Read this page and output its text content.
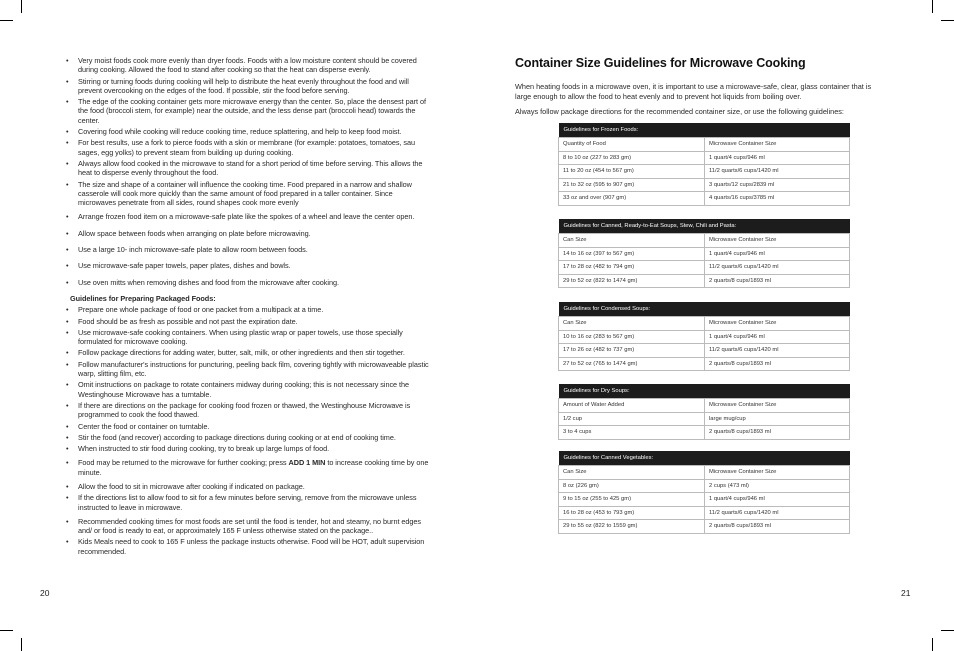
• Very moist foods cook more evenly than dryer foods. Foods with a low moisture content should be covered during cooking. Allowed the food to stand after cooking so that the heat can disperse evenly.
• Stirring or turning foods during cooking will help to distribute the heat evenly throughout the food and will prevent overcooking on the edges of the food. If possible, stir the food before serving.
• The edge of the cooking container gets more microwave energy than the center. So, place the densest part of the food (broccoli stem, for example) near the outside, and the less dense part (broccoli head) towards the center.
• Covering food while cooking will reduce cooking time, reduce splattering, and help to keep food moist.
• For best results, use a fork to pierce foods with a skin or membrane (for example: potatoes, tomatoes, sau sages, egg yolks) to prevent steam from building up during cooking.
• Always allow food cooked in the microwave to stand for a short period of time before serving. This allows the heat to disperse evenly throughout the food.
• The size and shape of a container will influence the cooking time. Food prepared in a narrow and shallow casserole will cook more quickly than the same amount of food prepared in a taller container. Since microwaves penetrate from all sides, round shapes cook more evenly
• Arrange frozen food item on a microwave-safe plate like the spokes of a wheel and leave the center open.
• Allow space between foods when arranging on plate before microwaving.
• Use a large 10- inch microwave-safe plate to allow room between foods.
• Use microwave-safe paper towels, paper plates, dishes and bowls.
• Use oven mitts when removing dishes and food from the microwave after cooking.
Guidelines for Preparing Packaged Foods:
• Prepare one whole package of food or one packet from a multipack at a time.
• Food should be as fresh as possible and not past the expiration date.
• Use microwave-safe cooking containers. When using plastic wrap or paper towels, use those specially formulated for microwave cooking.
• Follow package directions for adding water, butter, salt, milk, or other ingredients and then stir together.
• Follow manufacturer's instructions for puncturing, peeling back film, covering tightly with microwaveable plastic warp, slitting film, etc.
• Omit instructions on package to rotate containers midway during cooking; this is not necessary since the Westinghouse Microwave has a turntable.
• If there are directions on the package for cooking food frozen or thawed, the Westinghouse Microwave is programmed to cook the food thawed.
• Center the food or container on turntable.
• Stir the food (and recover) according to package directions during cooking or at end of cooking time.
• When instructed to stir food during cooking, try to break up large lumps of food.
• Food may be returned to the microwave for further cooking; press ADD 1 MIN to increase cooking time by one minute.
• Allow the food to sit in microwave after cooking if indicated on package.
• If the directions list to allow food to sit for a few minutes before serving, remove from the microwave unless instructed to leave in microwave.
• Recommended cooking times for most foods are set until the food is tender, hot and steamy, no burnt edges and/ or food is ready to eat, or approximately 165 F unless otherwise stated on the package..
• Kids Meals need to cook to 165 F unless the package instucts otherwise. Food will be HOT, adult supervision recommended.
20
Container Size Guidelines for Microwave Cooking

When heating foods in a microwave oven, it is important to use a microwave-safe, clear, glass container that is large enough to allow the food to heat evenly and to prevent hot liquids from boiling over.

Always follow package directions for the recommended container size, or use the following guidelines:

Guidelines for Frozen Foods:	
Quantity of Food	Microwave Container Size
8 to 10 oz (227 to 283 gm)	1 quart/4 cups/946 ml
11 to 20 oz (454 to 567 gm)	11/2 quarts/6 cups/1420 ml
21 to 32 oz (595 to 907 gm)	3 quarts/12 cups/2839 ml
33 oz and over (907 gm)	4 quarts/16 cups/3785 ml
Guidelines for Canned, Ready-to-Eat Soups, Stew, Chili and Pasta:	
Can Size	Microwave Container Size
14 to 16 oz (397 to 567 gm)	1 quart/4 cups/946 ml
17 to 28 oz (482 to 794 gm)	11/2 quarts/6 cups/1420 ml
29 to 52 oz (822 to 1474 gm)	2 quarts/8 cups/1893 ml
Guidelines for Condensed Soups:	
Can Size	Microwave Container Size
10 to 16 oz (283 to 567 gm)	1 quart/4 cups/946 ml
17 to 26 oz (482 to 737 gm)	11/2 quarts/6 cups/1420 ml
27 to 52 oz (765 to 1474 gm)	2 quarts/8 cups/1893 ml
Guidelines for Dry Soups:	
Amount of Water Added	Microwave Container Size
1/2 cup	large mug/cup
3 to 4 cups	2 quarts/8 cups/1893 ml
Guidelines for Canned Vegetables:	
Can Size	Microwave Container Size
8 oz (226 gm)	2 cups (473 ml)
9 to 15 oz (255 to 425 gm)	1 quart/4 cups/946 ml
16 to 28 oz (453 to 793 gm)	11/2 quarts/6 cups/1420 ml
29 to 55 oz (822 to 1559 gm)	2 quarts/8 cups/1893 ml
21
